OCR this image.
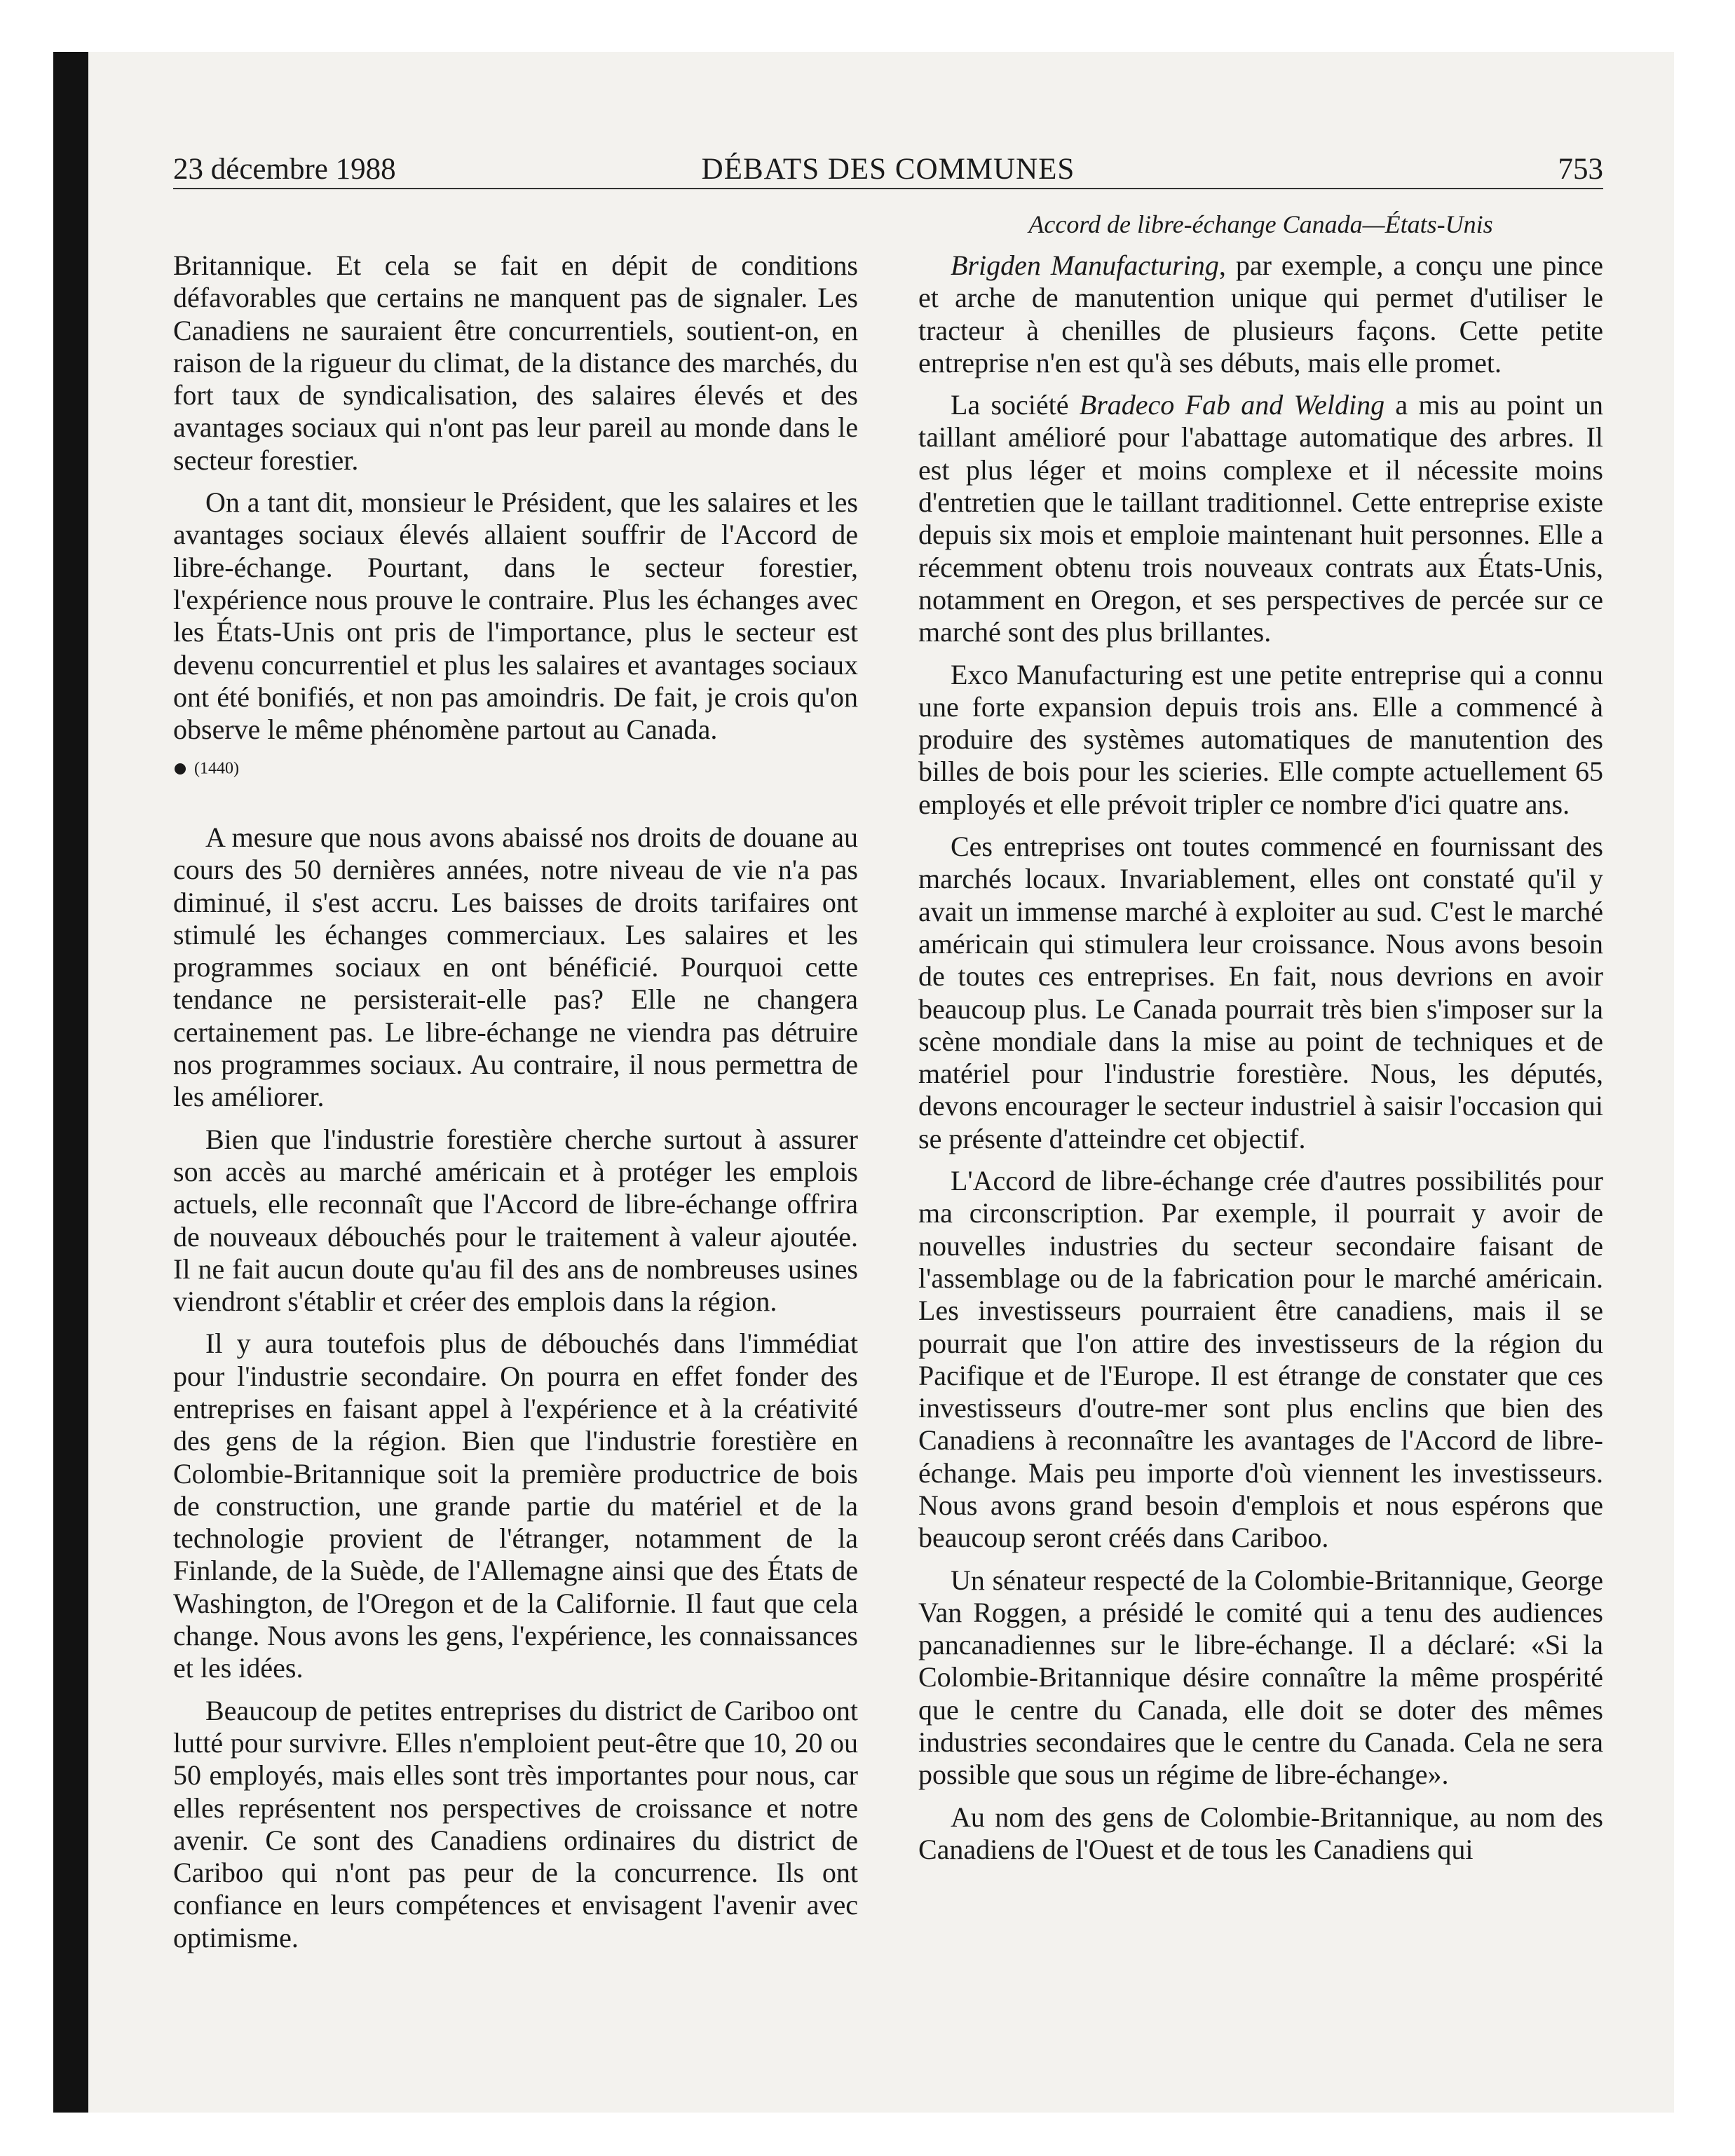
23 décembre 1988	DÉBATS DES COMMUNES	753
Accord de libre-échange Canada—États-Unis

Britannique. Et cela se fait en dépit de conditions défavorables que certains ne manquent pas de signaler. Les Canadiens ne sauraient être concurrentiels, soutient-on, en raison de la rigueur du climat, de la distance des marchés, du fort taux de syndicalisation, des salaires élevés et des avantages sociaux qui n'ont pas leur pareil au monde dans le secteur forestier.

On a tant dit, monsieur le Président, que les salaires et les avantages sociaux élevés allaient souffrir de l'Accord de libre-échange. Pourtant, dans le secteur forestier, l'expérience nous prouve le contraire. Plus les échanges avec les États-Unis ont pris de l'importance, plus le secteur est devenu concurrentiel et plus les salaires et avantages sociaux ont été bonifiés, et non pas amoindris. De fait, je crois qu'on observe le même phénomène partout au Canada.

(1440)

A mesure que nous avons abaissé nos droits de douane au cours des 50 dernières années, notre niveau de vie n'a pas diminué, il s'est accru. Les baisses de droits tarifaires ont stimulé les échanges commerciaux. Les salaires et les programmes sociaux en ont bénéficié. Pourquoi cette tendance ne persisterait-elle pas? Elle ne changera certainement pas. Le libre-échange ne viendra pas détruire nos programmes sociaux. Au contraire, il nous permettra de les améliorer.

Bien que l'industrie forestière cherche surtout à assurer son accès au marché américain et à protéger les emplois actuels, elle reconnaît que l'Accord de libre-échange offrira de nouveaux débouchés pour le traitement à valeur ajoutée. Il ne fait aucun doute qu'au fil des ans de nombreuses usines viendront s'établir et créer des emplois dans la région.

Il y aura toutefois plus de débouchés dans l'immédiat pour l'industrie secondaire. On pourra en effet fonder des entreprises en faisant appel à l'expérience et à la créativité des gens de la région. Bien que l'industrie forestière en Colombie-Britannique soit la première productrice de bois de construction, une grande partie du matériel et de la technologie provient de l'étranger, notamment de la Finlande, de la Suède, de l'Allemagne ainsi que des États de Washington, de l'Oregon et de la Californie. Il faut que cela change. Nous avons les gens, l'expérience, les connaissances et les idées.

Beaucoup de petites entreprises du district de Cariboo ont lutté pour survivre. Elles n'emploient peut-être que 10, 20 ou 50 employés, mais elles sont très importantes pour nous, car elles représentent nos perspectives de croissance et notre avenir. Ce sont des Canadiens ordinaires du district de Cariboo qui n'ont pas peur de la concurrence. Ils ont confiance en leurs compétences et envisagent l'avenir avec optimisme.

Brigden Manufacturing, par exemple, a conçu une pince et arche de manutention unique qui permet d'utiliser le tracteur à chenilles de plusieurs façons. Cette petite entreprise n'en est qu'à ses débuts, mais elle promet.

La société Bradeco Fab and Welding a mis au point un taillant amélioré pour l'abattage automatique des arbres. Il est plus léger et moins complexe et il nécessite moins d'entretien que le taillant traditionnel. Cette entreprise existe depuis six mois et emploie maintenant huit personnes. Elle a récemment obtenu trois nouveaux contrats aux États-Unis, notamment en Oregon, et ses perspectives de percée sur ce marché sont des plus brillantes.

Exco Manufacturing est une petite entreprise qui a connu une forte expansion depuis trois ans. Elle a commencé à produire des systèmes automatiques de manutention des billes de bois pour les scieries. Elle compte actuellement 65 employés et elle prévoit tripler ce nombre d'ici quatre ans.

Ces entreprises ont toutes commencé en fournissant des marchés locaux. Invariablement, elles ont constaté qu'il y avait un immense marché à exploiter au sud. C'est le marché américain qui stimulera leur croissance. Nous avons besoin de toutes ces entreprises. En fait, nous devrions en avoir beaucoup plus. Le Canada pourrait très bien s'imposer sur la scène mondiale dans la mise au point de techniques et de matériel pour l'industrie forestière. Nous, les députés, devons encourager le secteur industriel à saisir l'occasion qui se présente d'atteindre cet objectif.

L'Accord de libre-échange crée d'autres possibilités pour ma circonscription. Par exemple, il pourrait y avoir de nouvelles industries du secteur secondaire faisant de l'assemblage ou de la fabrication pour le marché américain. Les investisseurs pourraient être canadiens, mais il se pourrait que l'on attire des investisseurs de la région du Pacifique et de l'Europe. Il est étrange de constater que ces investisseurs d'outre-mer sont plus enclins que bien des Canadiens à reconnaître les avantages de l'Accord de libre-échange. Mais peu importe d'où viennent les investisseurs. Nous avons grand besoin d'emplois et nous espérons que beaucoup seront créés dans Cariboo.

Un sénateur respecté de la Colombie-Britannique, George Van Roggen, a présidé le comité qui a tenu des audiences pancanadiennes sur le libre-échange. Il a déclaré: «Si la Colombie-Britannique désire connaître la même prospérité que le centre du Canada, elle doit se doter des mêmes industries secondaires que le centre du Canada. Cela ne sera possible que sous un régime de libre-échange».

Au nom des gens de Colombie-Britannique, au nom des Canadiens de l'Ouest et de tous les Canadiens qui
